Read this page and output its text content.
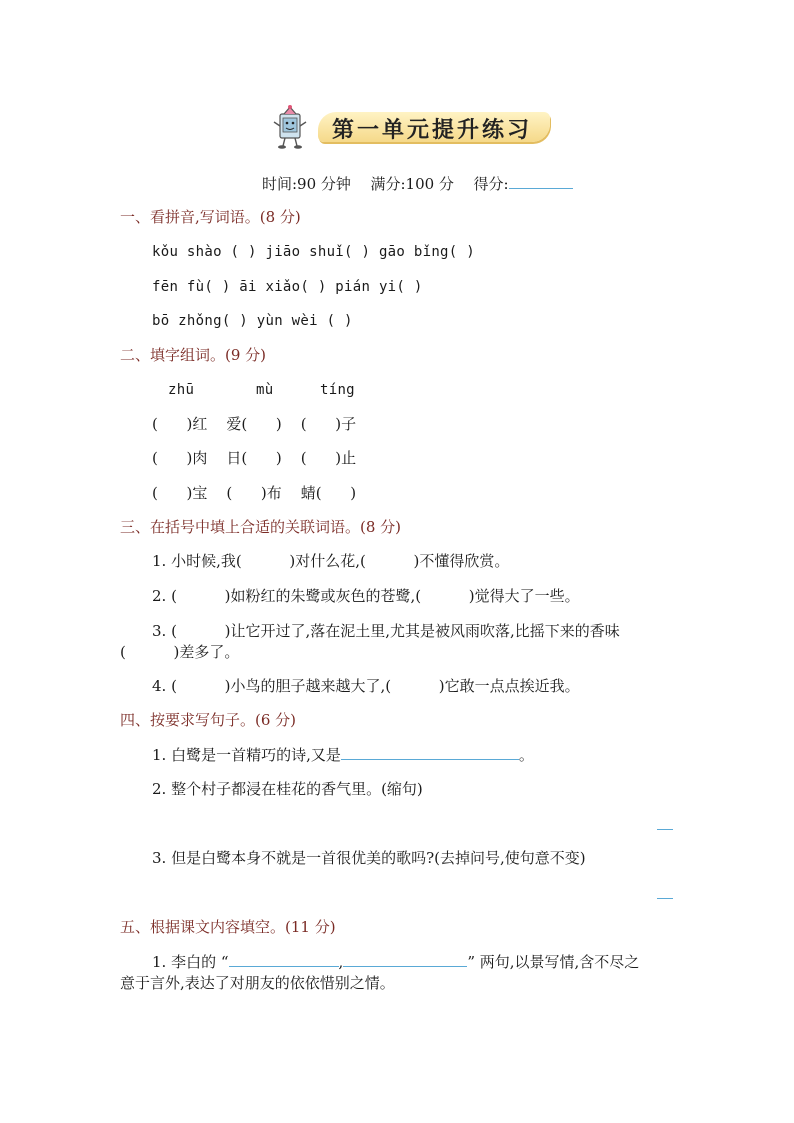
第一单元提升练习
时间:90 分钟 满分:100 分 得分:
一、看拼音,写词语。(8 分)
kǒu shào ( ) jiāo shuǐ( ) gāo bǐng( )
fēn fù( ) āi xiǎo( ) pián yi( )
bō zhǒng( ) yùn wèi ( )
二、填字组词。(9 分)
zhū	mù	tíng
(      )红    爱(      )    (      )子
(      )肉    日(      )    (      )止
(      )宝    (      )布    蜻(      )
三、在括号中填上合适的关联词语。(8 分)
1. 小时候,我(          )对什么花,(          )不懂得欣赏。
2. (          )如粉红的朱鹭或灰色的苍鹭,(          )觉得大了一些。
3. (          )让它开过了,落在泥土里,尤其是被风雨吹落,比摇下来的香味
(          )差多了。
4. (          )小鸟的胆子越来越大了,(          )它敢一点点挨近我。
四、按要求写句子。(6 分)
1. 白鹭是一首精巧的诗,又是	。
2. 整个村子都浸在桂花的香气里。(缩句)
3. 但是白鹭本身不就是一首很优美的歌吗?(去掉问号,使句意不变)
五、根据课文内容填空。(11 分)
1. 李白的 “	,	” 两句,以景写情,含不尽之
意于言外,表达了对朋友的依依惜别之情。
